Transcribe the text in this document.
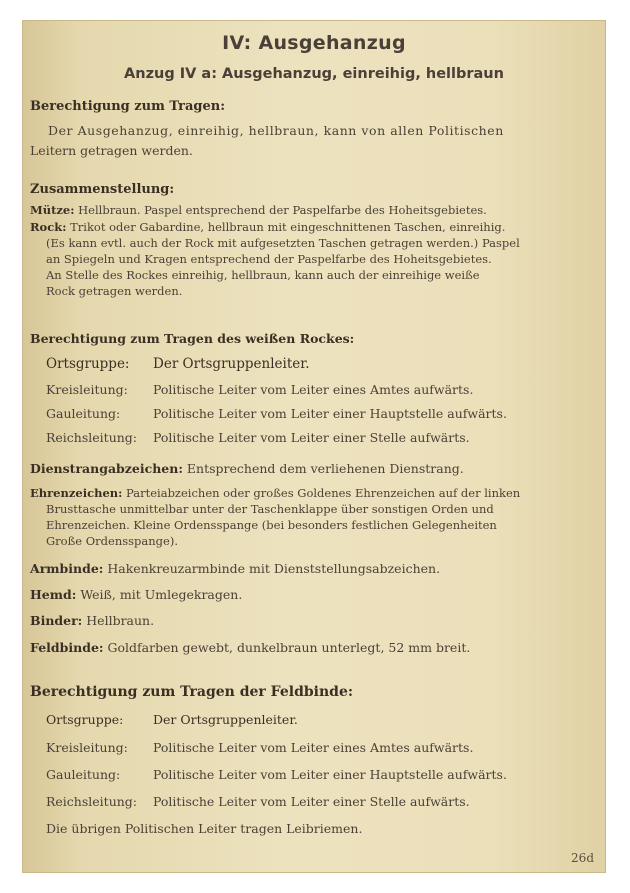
IV: Ausgehanzug
Anzug IV a: Ausgehanzug, einreihig, hellbraun
Berechtigung zum Tragen:
Der Ausgehanzug, einreihig, hellbraun, kann von allen Politischen
Leitern getragen werden.
Zusammenstellung:
Mütze: Hellbraun. Paspel entsprechend der Paspelfarbe des Hoheitsgebietes.
Rock: Trikot oder Gabardine, hellbraun mit eingeschnittenen Taschen, einreihig.
(Es kann evtl. auch der Rock mit aufgesetzten Taschen getragen werden.) Paspel
an Spiegeln und Kragen entsprechend der Paspelfarbe des Hoheitsgebietes.
An Stelle des Rockes einreihig, hellbraun, kann auch der einreihige weiße
Rock getragen werden.
Berechtigung zum Tragen des weißen Rockes:
Ortsgruppe: Der Ortsgruppenleiter.
Kreisleitung: Politische Leiter vom Leiter eines Amtes aufwärts.
Gauleitung:	Politische Leiter vom Leiter einer Hauptstelle aufwärts.
Reichsleitung: Politische Leiter vom Leiter einer Stelle aufwärts.
Dienstrangabzeichen: Entsprechend dem verliehenen Dienstrang.
Ehrenzeichen: Parteiabzeichen oder großes Goldenes Ehrenzeichen auf der linken
Brusttasche unmittelbar unter der Taschenklappe über sonstigen Orden und
Ehrenzeichen. Kleine Ordensspange (bei besonders festlichen Gelegenheiten
Große Ordensspange).
Armbinde: Hakenkreuzarmbinde mit Dienststellungsabzeichen.
Hemd: Weiß, mit Umlegekragen.
Binder: Hellbraun.
Feldbinde: Goldfarben gewebt, dunkelbraun unterlegt, 52 mm breit.
Berechtigung zum Tragen der Feldbinde:
Ortsgruppe: Der Ortsgruppenleiter.
Kreisleitung: Politische Leiter vom Leiter eines Amtes aufwärts.
Gauleitung:	Politische Leiter vom Leiter einer Hauptstelle aufwärts.
Reichsleitung: Politische Leiter vom Leiter einer Stelle aufwärts.
Die übrigen Politischen Leiter tragen Leibriemen.
26d
